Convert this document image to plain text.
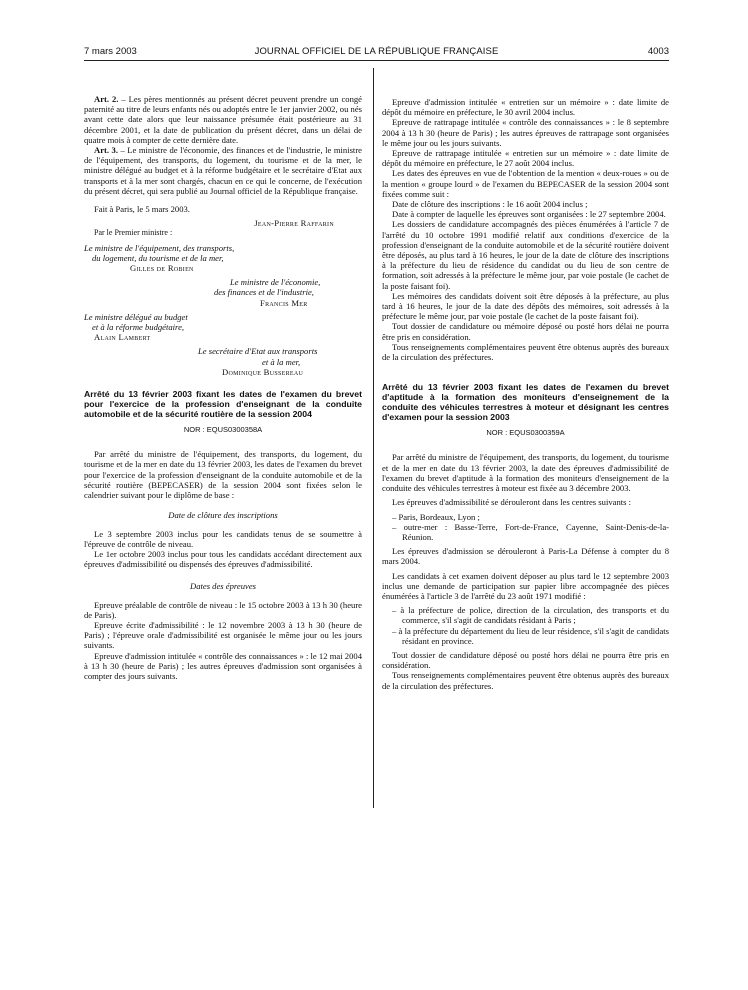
7 mars 2003	JOURNAL OFFICIEL DE LA RÉPUBLIQUE FRANÇAISE	4003

Art. 2. – Les pères mentionnés au présent décret peuvent prendre un congé paternité au titre de leurs enfants nés ou adoptés entre le 1er janvier 2002, ou nés avant cette date alors que leur naissance présumée était postérieure au 31 décembre 2001, et la date de publication du présent décret, dans un délai de quatre mois à compter de cette dernière date.

Art. 3. – Le ministre de l'économie, des finances et de l'industrie, le ministre de l'équipement, des transports, du logement, du tourisme et de la mer, le ministre délégué au budget et à la réforme budgétaire et le secrétaire d'Etat aux transports et à la mer sont chargés, chacun en ce qui le concerne, de l'exécution du présent décret, qui sera publié au Journal officiel de la République française.

Fait à Paris, le 5 mars 2003.

Jean-Pierre Raffarin

Par le Premier ministre :

Le ministre de l'équipement, des transports,

du logement, du tourisme et de la mer,

Gilles de Robien

Le ministre de l'économie,

des finances et de l'industrie,

Francis Mer

Le ministre délégué au budget

et à la réforme budgétaire,

Alain Lambert

Le secrétaire d'Etat aux transports

et à la mer,

Dominique Bussereau

Arrêté du 13 février 2003 fixant les dates de l'examen du brevet pour l'exercice de la profession d'enseignant de la conduite automobile et de la sécurité routière de la session 2004

NOR : EQUS0300358A

Par arrêté du ministre de l'équipement, des transports, du logement, du tourisme et de la mer en date du 13 février 2003, les dates de l'examen du brevet pour l'exercice de la profession d'enseignant de la conduite automobile et de la sécurité routière (BEPECASER) de la session 2004 sont fixées selon le calendrier suivant pour le diplôme de base :

Date de clôture des inscriptions

Le 3 septembre 2003 inclus pour les candidats tenus de se soumettre à l'épreuve de contrôle de niveau.

Le 1er octobre 2003 inclus pour tous les candidats accédant directement aux épreuves d'admissibilité ou dispensés des épreuves d'admissibilité.

Dates des épreuves

Epreuve préalable de contrôle de niveau : le 15 octobre 2003 à 13 h 30 (heure de Paris).

Epreuve écrite d'admissibilité : le 12 novembre 2003 à 13 h 30 (heure de Paris) ; l'épreuve orale d'admissibilité est organisée le même jour ou les jours suivants.

Epreuve d'admission intitulée « contrôle des connaissances » : le 12 mai 2004 à 13 h 30 (heure de Paris) ; les autres épreuves d'admission sont organisées à compter des jours suivants.

Epreuve d'admission intitulée « entretien sur un mémoire » : date limite de dépôt du mémoire en préfecture, le 30 avril 2004 inclus.

Epreuve de rattrapage intitulée « contrôle des connaissances » : le 8 septembre 2004 à 13 h 30 (heure de Paris) ; les autres épreuves de rattrapage sont organisées le même jour ou les jours suivants.

Epreuve de rattrapage intitulée « entretien sur un mémoire » : date limite de dépôt du mémoire en préfecture, le 27 août 2004 inclus.

Les dates des épreuves en vue de l'obtention de la mention « deux-roues » ou de la mention « groupe lourd » de l'examen du BEPECASER de la session 2004 sont fixées comme suit :

Date de clôture des inscriptions : le 16 août 2004 inclus ;

Date à compter de laquelle les épreuves sont organisées : le 27 septembre 2004.

Les dossiers de candidature accompagnés des pièces énumérées à l'article 7 de l'arrêté du 10 octobre 1991 modifié relatif aux conditions d'exercice de la profession d'enseignant de la conduite automobile et de la sécurité routière doivent être déposés, au plus tard à 16 heures, le jour de la date de clôture des inscriptions à la préfecture du lieu de résidence du candidat ou du lieu de son centre de formation, soit adressés à la préfecture le même jour, par voie postale (le cachet de la poste faisant foi).

Les mémoires des candidats doivent soit être déposés à la préfecture, au plus tard à 16 heures, le jour de la date des dépôts des mémoires, soit adressés à la préfecture le même jour, par voie postale (le cachet de la poste faisant foi).

Tout dossier de candidature ou mémoire déposé ou posté hors délai ne pourra être pris en considération.

Tous renseignements complémentaires peuvent être obtenus auprès des bureaux de la circulation des préfectures.

Arrêté du 13 février 2003 fixant les dates de l'examen du brevet d'aptitude à la formation des moniteurs d'enseignement de la conduite des véhicules terrestres à moteur et désignant les centres d'examen pour la session 2003

NOR : EQUS0300359A

Par arrêté du ministre de l'équipement, des transports, du logement, du tourisme et de la mer en date du 13 février 2003, la date des épreuves d'admissibilité de l'examen du brevet d'aptitude à la formation des moniteurs d'enseignement de la conduite des véhicules terrestres à moteur est fixée au 3 décembre 2003.

Les épreuves d'admissibilité se dérouleront dans les centres suivants :

– Paris, Bordeaux, Lyon ;

– outre-mer : Basse-Terre, Fort-de-France, Cayenne, Saint-Denis-de-la-Réunion.

Les épreuves d'admission se dérouleront à Paris-La Défense à compter du 8 mars 2004.

Les candidats à cet examen doivent déposer au plus tard le 12 septembre 2003 inclus une demande de participation sur papier libre accompagnée des pièces énumérées à l'article 3 de l'arrêté du 23 août 1971 modifié :

– à la préfecture de police, direction de la circulation, des transports et du commerce, s'il s'agit de candidats résidant à Paris ;

– à la préfecture du département du lieu de leur résidence, s'il s'agit de candidats résidant en province.

Tout dossier de candidature déposé ou posté hors délai ne pourra être pris en considération.

Tous renseignements complémentaires peuvent être obtenus auprès des bureaux de la circulation des préfectures.
